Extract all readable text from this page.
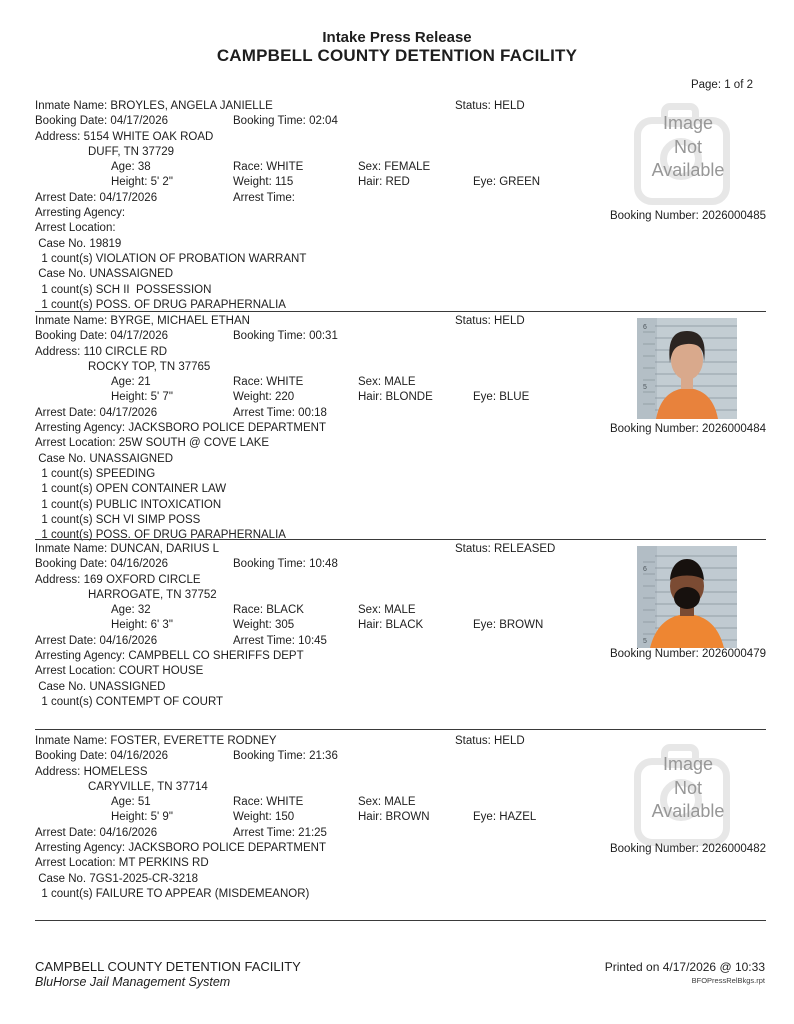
Intake Press Release
CAMPBELL COUNTY DETENTION FACILITY
Page: 1 of 2
Inmate Name: BROYLES, ANGELA JANIELLE	Status: HELD
Booking Date: 04/17/2026	Booking Time: 02:04
Address: 5154 WHITE OAK ROAD
DUFF, TN 37729
Age: 38	Race: WHITE	Sex: FEMALE
Height: 5' 2"	Weight: 115	Hair: RED	Eye: GREEN
Arrest Date: 04/17/2026	Arrest Time:
Arresting Agency:
Arrest Location:
Case No. 19819
1 count(s) VIOLATION OF PROBATION WARRANT
Case No. UNASSAIGNED
1 count(s) SCH II  POSSESSION
1 count(s) POSS. OF DRUG PARAPHERNALIA
Image
Not
Available
Booking Number: 2026000485
Inmate Name: BYRGE, MICHAEL ETHAN	Status: HELD
Booking Date: 04/17/2026	Booking Time: 00:31
Address: 110 CIRCLE RD
ROCKY TOP, TN 37765
Age: 21	Race: WHITE	Sex: MALE
Height: 5' 7"	Weight: 220	Hair: BLONDE	Eye: BLUE
Arrest Date: 04/17/2026	Arrest Time: 00:18
Arresting Agency: JACKSBORO POLICE DEPARTMENT
Arrest Location: 25W SOUTH @ COVE LAKE
Case No. UNASSAIGNED
1 count(s) SPEEDING
1 count(s) OPEN CONTAINER LAW
1 count(s) PUBLIC INTOXICATION
1 count(s) SCH VI SIMP POSS
1 count(s) POSS. OF DRUG PARAPHERNALIA
6
5
Booking Number: 2026000484
Inmate Name: DUNCAN, DARIUS L	Status: RELEASED
Booking Date: 04/16/2026	Booking Time: 10:48
Address: 169 OXFORD CIRCLE
HARROGATE, TN 37752
Age: 32	Race: BLACK	Sex: MALE
Height: 6' 3"	Weight: 305	Hair: BLACK	Eye: BROWN
Arrest Date: 04/16/2026	Arrest Time: 10:45
Arresting Agency: CAMPBELL CO SHERIFFS DEPT
Arrest Location: COURT HOUSE
Case No. UNASSIGNED
1 count(s) CONTEMPT OF COURT
6
5
Booking Number: 2026000479
Inmate Name: FOSTER, EVERETTE RODNEY	Status: HELD
Booking Date: 04/16/2026	Booking Time: 21:36
Address: HOMELESS
CARYVILLE, TN 37714
Age: 51	Race: WHITE	Sex: MALE
Height: 5' 9"	Weight: 150	Hair: BROWN	Eye: HAZEL
Arrest Date: 04/16/2026	Arrest Time: 21:25
Arresting Agency: JACKSBORO POLICE DEPARTMENT
Arrest Location: MT PERKINS RD
Case No. 7GS1-2025-CR-3218
1 count(s) FAILURE TO APPEAR (MISDEMEANOR)
Image
Not
Available
Booking Number: 2026000482
CAMPBELL COUNTY DETENTION FACILITY
BluHorse Jail Management System
Printed on 4/17/2026 @ 10:33
BFOPressRelBkgs.rpt
